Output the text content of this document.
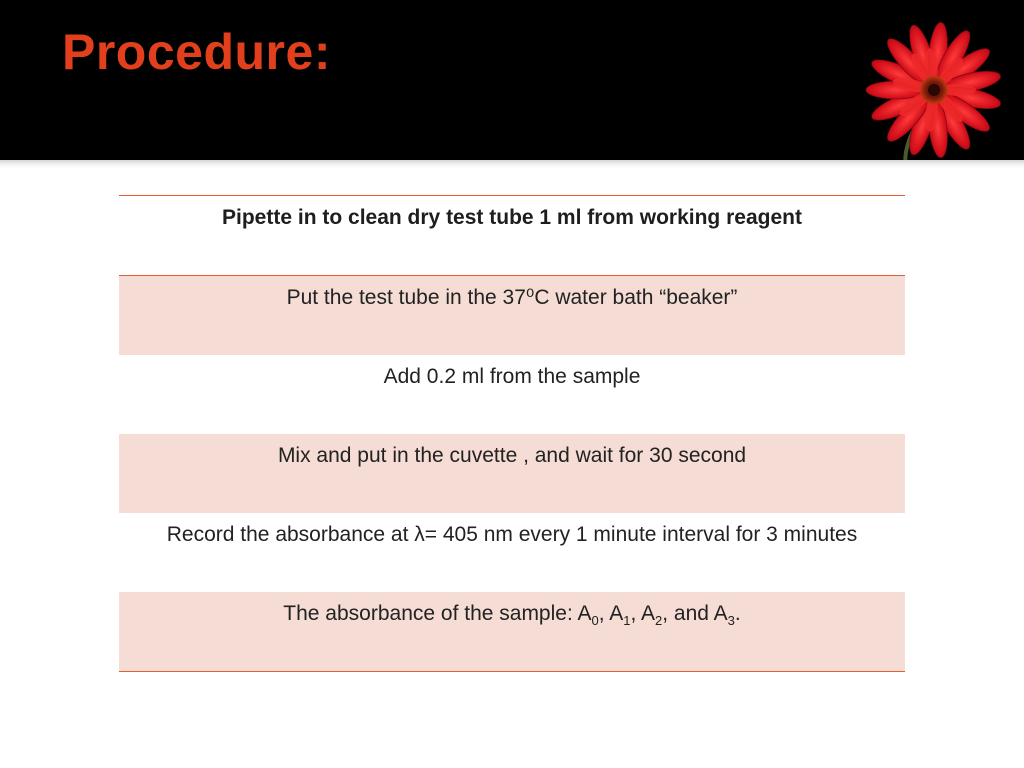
Procedure:
Pipette in to clean dry test tube 1 ml from working reagent

Put the test tube in the 37⁰C water bath “beaker”

Add 0.2 ml from the sample

Mix and put in the cuvette , and wait for 30 second

Record the absorbance at λ= 405 nm every 1 minute interval for 3 minutes

The absorbance of the sample: $A_0$, $A_1$, $A_2$, and $A_3$.
